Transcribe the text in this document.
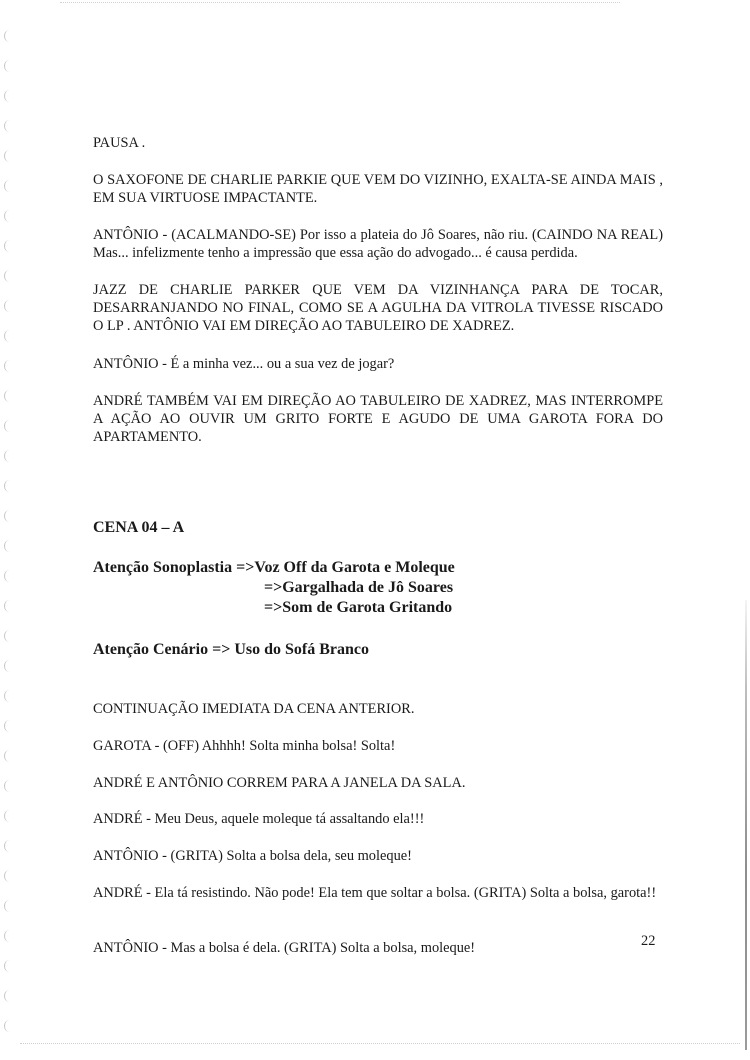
PAUSA .

O SAXOFONE DE CHARLIE PARKIE QUE VEM DO VIZINHO, EXALTA-SE AINDA MAIS , EM SUA VIRTUOSE IMPACTANTE.

ANTÔNIO - (ACALMANDO-SE) Por isso a plateia do Jô Soares, não riu. (CAINDO NA REAL) Mas... infelizmente tenho a impressão que essa ação do advogado... é causa perdida.

JAZZ DE CHARLIE PARKER QUE VEM DA VIZINHANÇA PARA DE TOCAR, DESARRANJANDO NO FINAL, COMO SE A AGULHA DA VITROLA TIVESSE RISCADO O LP . ANTÔNIO VAI EM DIREÇÃO AO TABULEIRO DE XADREZ.

ANTÔNIO - É a minha vez... ou a sua vez de jogar?

ANDRÉ TAMBÉM VAI EM DIREÇÃO AO TABULEIRO DE XADREZ, MAS INTERROMPE A AÇÃO AO OUVIR UM GRITO FORTE E AGUDO DE UMA GAROTA FORA DO APARTAMENTO.

CENA 04 – A

Atenção Sonoplastia =>Voz Off da Garota e Moleque

=>Gargalhada de Jô Soares
=>Som de Garota Gritando

Atenção Cenário => Uso do Sofá Branco

CONTINUAÇÃO IMEDIATA DA CENA ANTERIOR.

GAROTA - (OFF) Ahhhh! Solta minha bolsa! Solta!

ANDRÉ E ANTÔNIO CORREM PARA A JANELA DA SALA.

ANDRÉ - Meu Deus, aquele moleque tá assaltando ela!!!

ANTÔNIO - (GRITA) Solta a bolsa dela, seu moleque!

ANDRÉ - Ela tá resistindo. Não pode! Ela tem que soltar a bolsa. (GRITA) Solta a bolsa, garota!!

ANTÔNIO - Mas a bolsa é dela. (GRITA) Solta a bolsa, moleque!	22
